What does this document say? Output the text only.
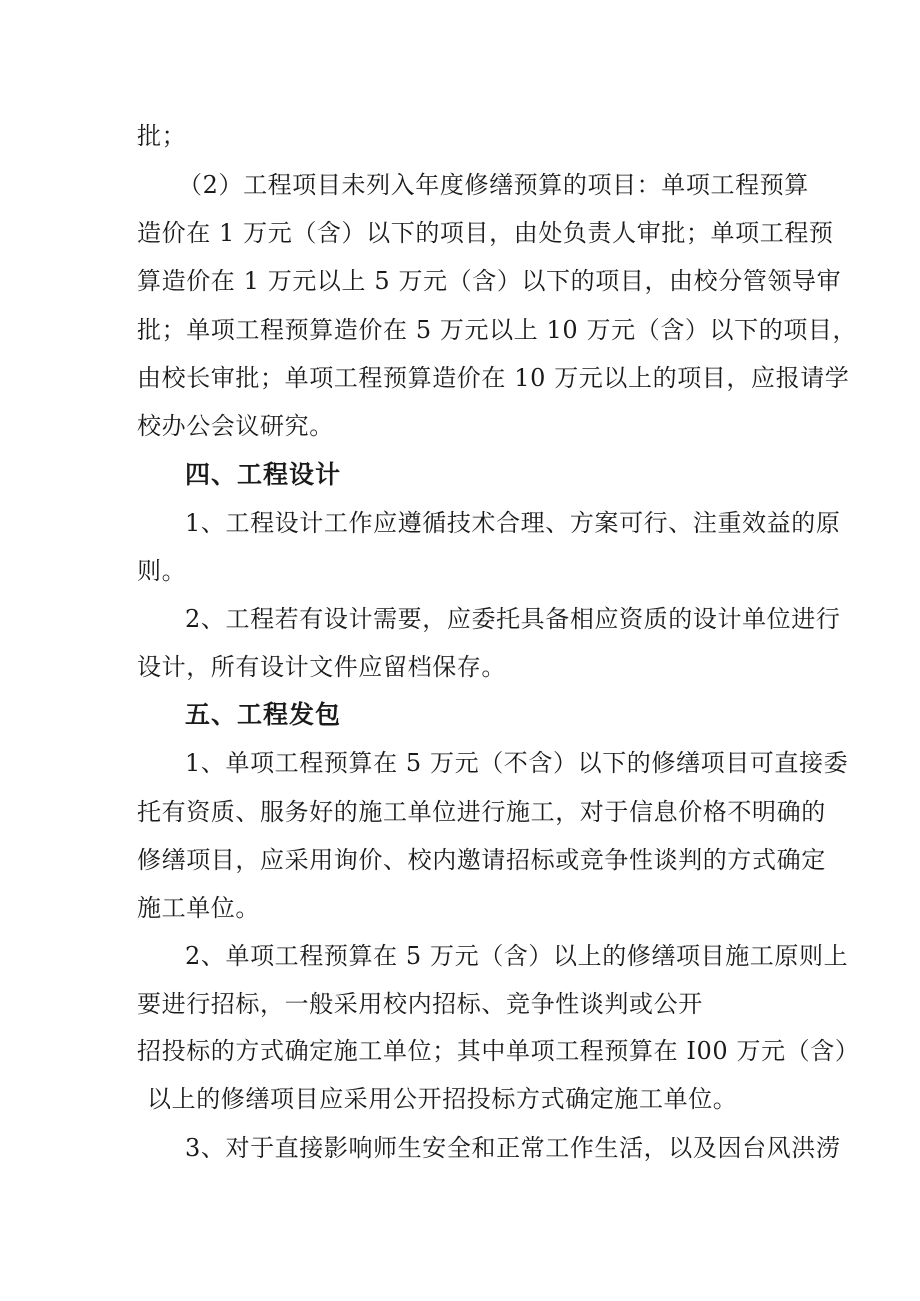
批；
（2）工程项目未列入年度修缮预算的项目：单项工程预算
造价在 1 万元（含）以下的项目，由处负责人审批；单项工程预
算造价在 1 万元以上 5 万元（含）以下的项目，由校分管领导审
批；单项工程预算造价在 5 万元以上 10 万元（含）以下的项目，
由校长审批；单项工程预算造价在 10 万元以上的项目，应报请学
校办公会议研究。
四、工程设计
1、工程设计工作应遵循技术合理、方案可行、注重效益的原
则。
2、工程若有设计需要，应委托具备相应资质的设计单位进行
设计，所有设计文件应留档保存。
五、工程发包
1、单项工程预算在 5 万元（不含）以下的修缮项目可直接委
托有资质、服务好的施工单位进行施工，对于信息价格不明确的
修缮项目，应采用询价、校内邀请招标或竞争性谈判的方式确定
施工单位。
2、单项工程预算在 5 万元（含）以上的修缮项目施工原则上
要进行招标，一般采用校内招标、竞争性谈判或公开
招投标的方式确定施工单位；其中单项工程预算在 I00 万元（含）
以上的修缮项目应采用公开招投标方式确定施工单位。
3、对于直接影响师生安全和正常工作生活，以及因台风洪涝
